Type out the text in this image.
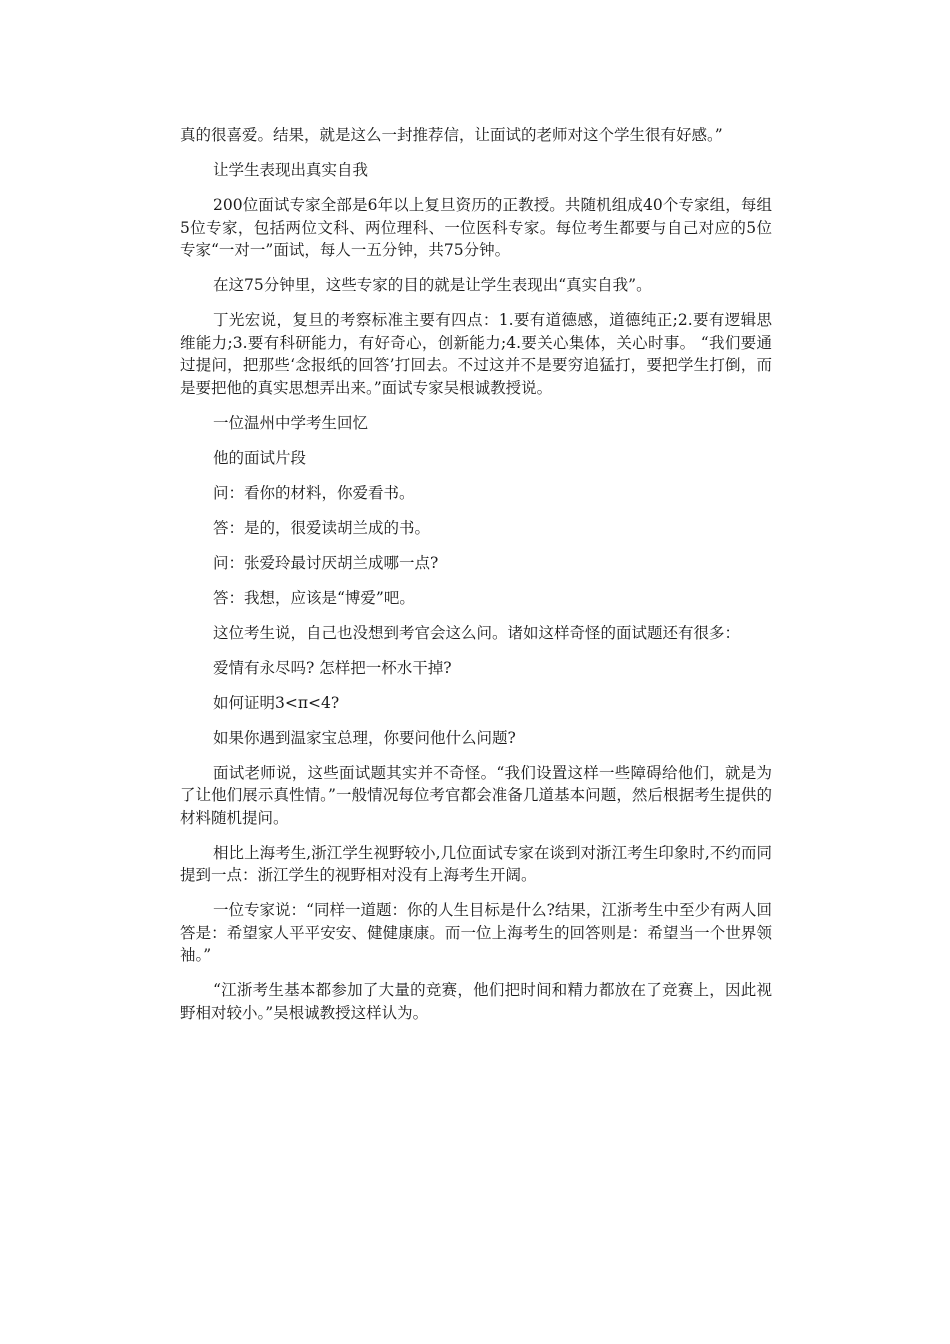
真的很喜爱。结果，就是这么一封推荐信，让面试的老师对这个学生很有好感。”

让学生表现出真实自我

200位面试专家全部是6年以上复旦资历的正教授。共随机组成40个专家组，每组5位专家，包括两位文科、两位理科、一位医科专家。每位考生都要与自己对应的5位专家“一对一”面试，每人一五分钟，共75分钟。

在这75分钟里，这些专家的目的就是让学生表现出“真实自我”。

丁光宏说，复旦的考察标准主要有四点：1.要有道德感，道德纯正;2.要有逻辑思维能力;3.要有科研能力，有好奇心，创新能力;4.要关心集体，关心时事。 “我们要通过提问，把那些‘念报纸的回答’打回去。不过这并不是要穷追猛打，要把学生打倒，而是要把他的真实思想弄出来。”面试专家吴根诚教授说。

一位温州中学考生回忆

他的面试片段

问：看你的材料，你爱看书。

答：是的，很爱读胡兰成的书。

问：张爱玲最讨厌胡兰成哪一点?

答：我想，应该是“博爱”吧。

这位考生说，自己也没想到考官会这么问。诸如这样奇怪的面试题还有很多：

爱情有永尽吗? 怎样把一杯水干掉?

如何证明3<π<4?

如果你遇到温家宝总理，你要问他什么问题?

面试老师说，这些面试题其实并不奇怪。“我们设置这样一些障碍给他们，就是为了让他们展示真性情。”一般情况每位考官都会准备几道基本问题，然后根据考生提供的材料随机提问。

相比上海考生,浙江学生视野较小,几位面试专家在谈到对浙江考生印象时,不约而同提到一点：浙江学生的视野相对没有上海考生开阔。

一位专家说：“同样一道题：你的人生目标是什么?结果，江浙考生中至少有两人回答是：希望家人平平安安、健健康康。而一位上海考生的回答则是：希望当一个世界领袖。”

“江浙考生基本都参加了大量的竞赛，他们把时间和精力都放在了竞赛上，因此视野相对较小。”吴根诚教授这样认为。
